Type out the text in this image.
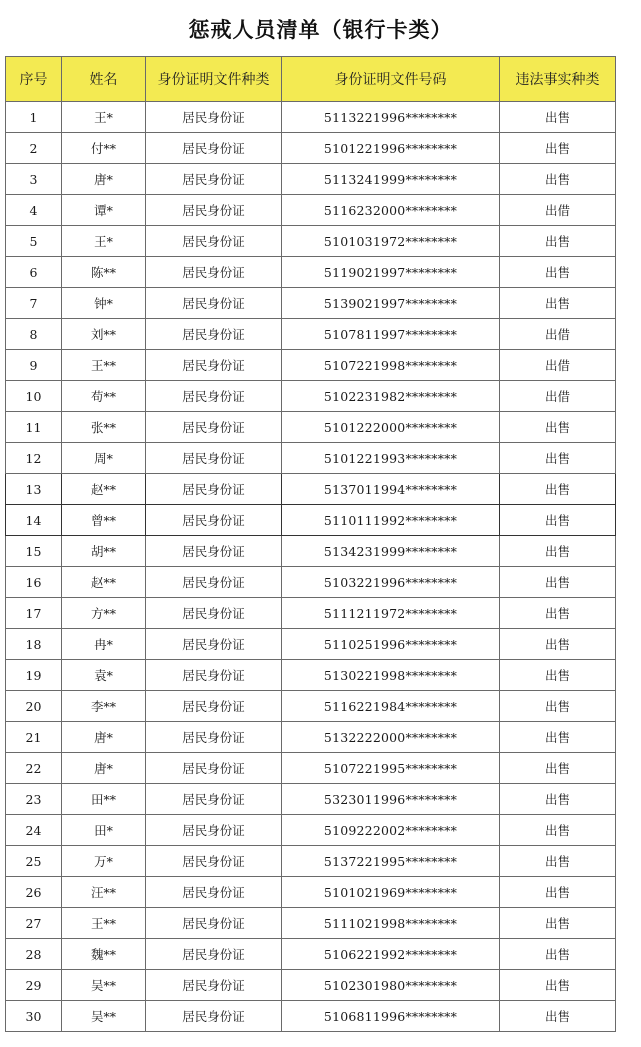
惩戒人员清单（银行卡类）
序号	姓名	身份证明文件种类	身份证明文件号码	违法事实种类
1	王*	居民身份证	5113221996********	出售
2	付**	居民身份证	5101221996********	出售
3	唐*	居民身份证	5113241999********	出售
4	谭*	居民身份证	5116232000********	出借
5	王*	居民身份证	5101031972********	出售
6	陈**	居民身份证	5119021997********	出售
7	钟*	居民身份证	5139021997********	出售
8	刘**	居民身份证	5107811997********	出借
9	王**	居民身份证	5107221998********	出借
10	苟**	居民身份证	5102231982********	出借
11	张**	居民身份证	5101222000********	出售
12	周*	居民身份证	5101221993********	出售
13	赵**	居民身份证	5137011994********	出售
14	曾**	居民身份证	5110111992********	出售
15	胡**	居民身份证	5134231999********	出售
16	赵**	居民身份证	5103221996********	出售
17	方**	居民身份证	5111211972********	出售
18	冉*	居民身份证	5110251996********	出售
19	袁*	居民身份证	5130221998********	出售
20	李**	居民身份证	5116221984********	出售
21	唐*	居民身份证	5132222000********	出售
22	唐*	居民身份证	5107221995********	出售
23	田**	居民身份证	5323011996********	出售
24	田*	居民身份证	5109222002********	出售
25	万*	居民身份证	5137221995********	出售
26	汪**	居民身份证	5101021969********	出售
27	王**	居民身份证	5111021998********	出售
28	魏**	居民身份证	5106221992********	出售
29	吴**	居民身份证	5102301980********	出售
30	吴**	居民身份证	5106811996********	出售
